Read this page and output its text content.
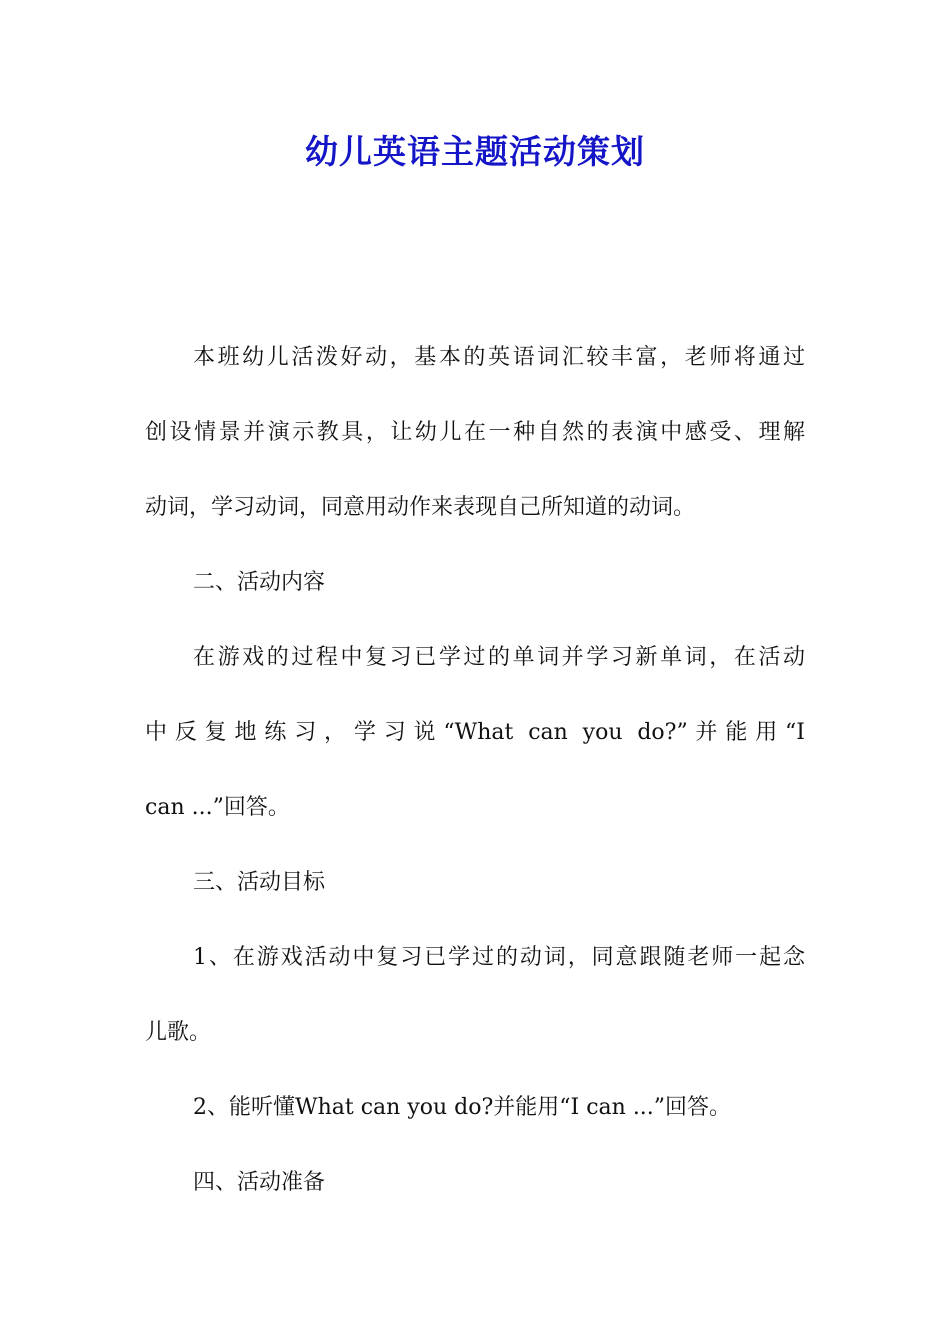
幼儿英语主题活动策划
本班幼儿活泼好动，基本的英语词汇较丰富，老师将通过
创设情景并演示教具，让幼儿在一种自然的表演中感受、理解
动词，学习动词，同意用动作来表现自己所知道的动词。
二、活动内容
在游戏的过程中复习已学过的单词并学习新单词，在活动
中反复地练习，学习说“What can you do?”并能用“I
can ...”回答。
三、活动目标
1、在游戏活动中复习已学过的动词，同意跟随老师一起念
儿歌。
2、能听懂What can you do?并能用“I can ...”回答。
四、活动准备
